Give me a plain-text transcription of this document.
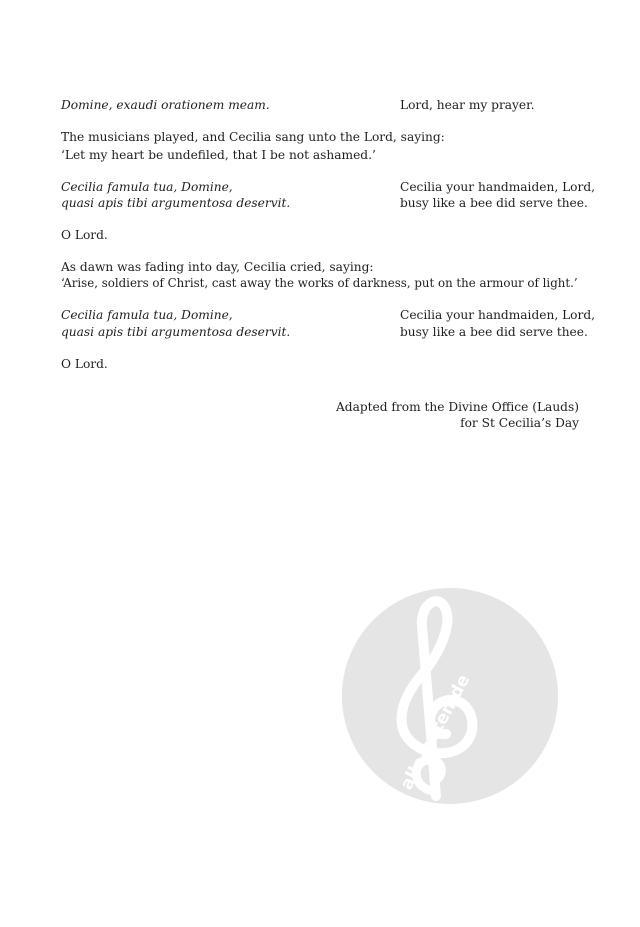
Domine, exaudi orationem meam.	Lord, hear my prayer.

The musicians played, and Cecilia sang unto the Lord, saying:

‘Let my heart be undefiled, that I be not ashamed.’

Cecilia famula tua, Domine,

quasi apis tibi argumentosa deservit.

Cecilia your handmaiden, Lord,

busy like a bee did serve thee.

O Lord.

As dawn was fading into day, Cecilia cried, saying:

‘Arise, soldiers of Christ, cast away the works of darkness, put on the armour of light.’

Cecilia famula tua, Domine,

quasi apis tibi argumentosa deservit.

Cecilia your handmaiden, Lord,

busy like a bee did serve thee.

O Lord.

Adapted from the Divine Office (Lauds)
for St Cecilia’s Day
alle-noten.de
